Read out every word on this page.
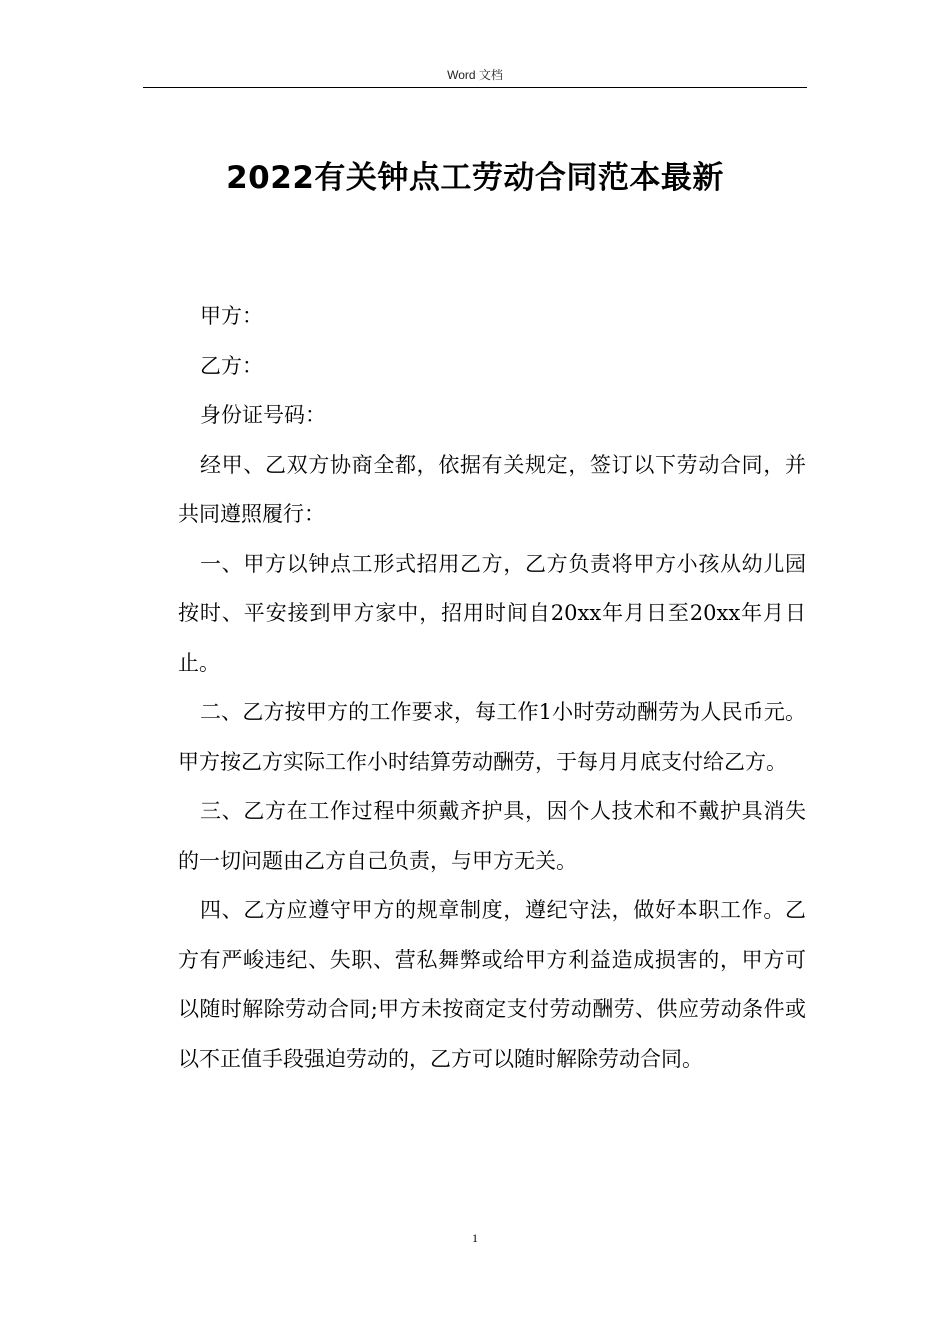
Word 文档
2022有关钟点工劳动合同范本最新

甲方：

乙方：

身份证号码：

经甲、乙双方协商全都，依据有关规定，签订以下劳动合同，并共同遵照履行：

一、甲方以钟点工形式招用乙方，乙方负责将甲方小孩从幼儿园按时、平安接到甲方家中，招用时间自20xx年月日至20xx年月日止。

二、乙方按甲方的工作要求，每工作1小时劳动酬劳为人民币元。甲方按乙方实际工作小时结算劳动酬劳，于每月月底支付给乙方。

三、乙方在工作过程中须戴齐护具，因个人技术和不戴护具消失的一切问题由乙方自己负责，与甲方无关。

四、乙方应遵守甲方的规章制度，遵纪守法，做好本职工作。乙方有严峻违纪、失职、营私舞弊或给甲方利益造成损害的，甲方可以随时解除劳动合同;甲方未按商定支付劳动酬劳、供应劳动条件或以不正值手段强迫劳动的，乙方可以随时解除劳动合同。

1
